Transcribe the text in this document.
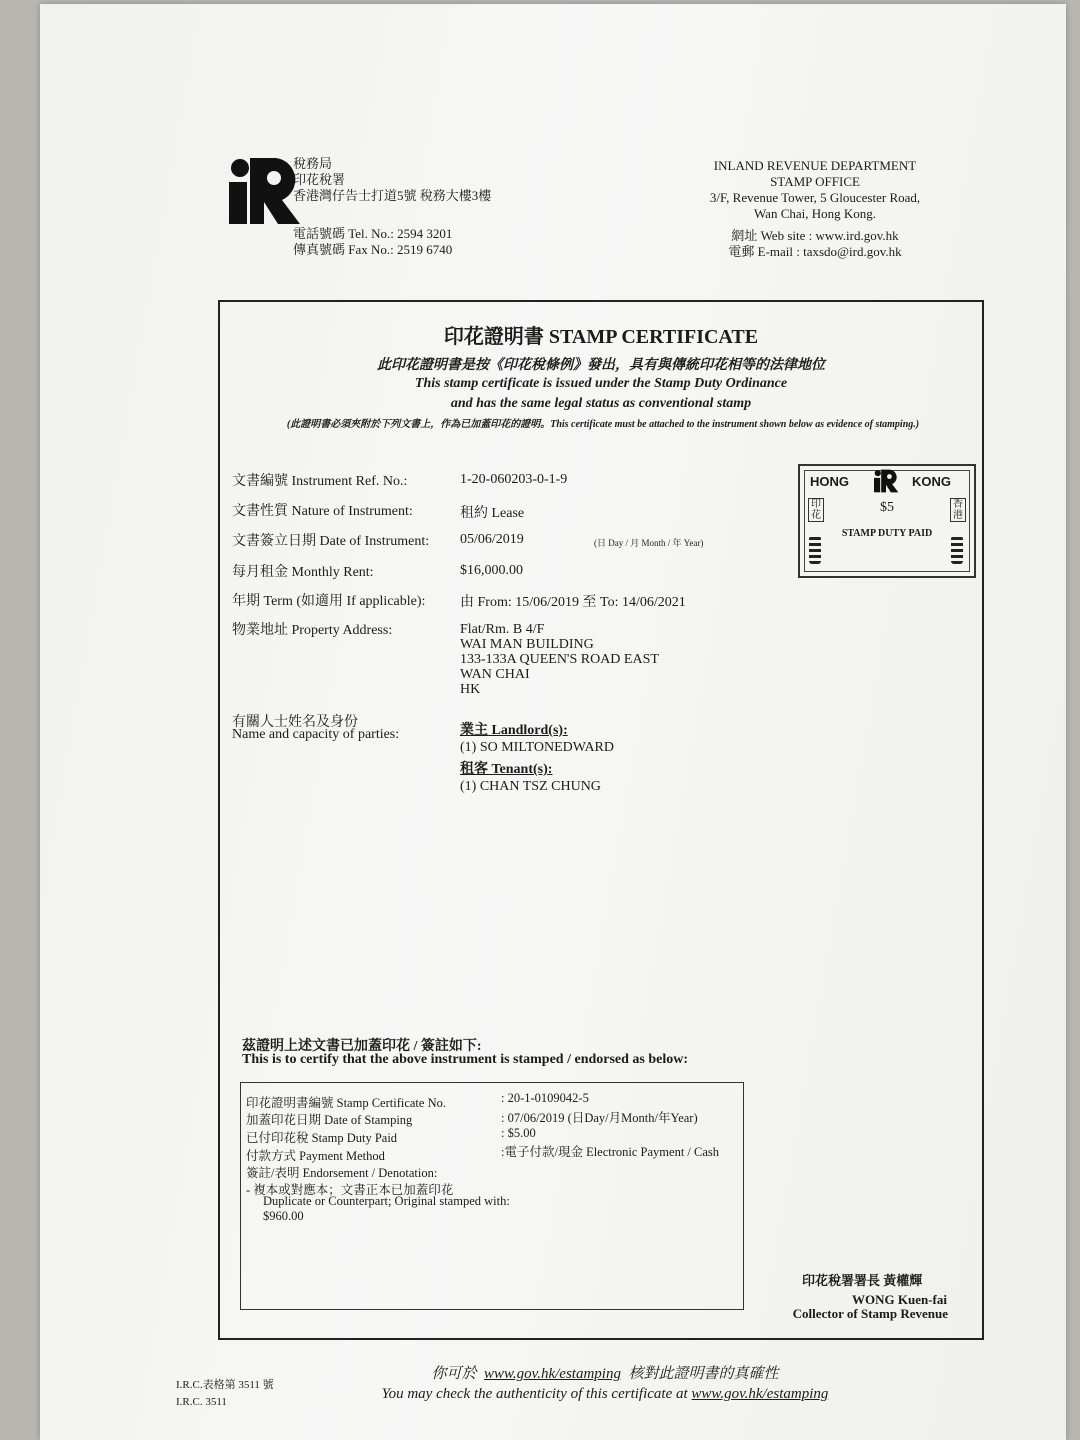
稅務局
印花稅署
香港灣仔告士打道5號 稅務大樓3樓
電話號碼 Tel. No.: 2594 3201
傳真號碼 Fax No.: 2519 6740
INLAND REVENUE DEPARTMENT
STAMP OFFICE
3/F, Revenue Tower, 5 Gloucester Road,
Wan Chai, Hong Kong.
網址 Web site : www.ird.gov.hk
電郵 E-mail : taxsdo@ird.gov.hk
印花證明書 STAMP CERTIFICATE
此印花證明書是按《印花稅條例》發出，具有與傳統印花相等的法律地位
This stamp certificate is issued under the Stamp Duty Ordinance
and has the same legal status as conventional stamp
(此證明書必須夾附於下列文書上，作為已加蓋印花的證明。This certificate must be attached to the instrument shown below as evidence of stamping.)
文書編號 Instrument Ref. No.:	1-20-060203-0-1-9
文書性質 Nature of Instrument:	租約 Lease
文書簽立日期 Date of Instrument: 05/06/2019	(日 Day / 月 Month / 年 Year)
每月租金 Monthly Rent:	$16,000.00
年期 Term (如適用 If applicable): 由 From: 15/06/2019 至 To: 14/06/2021
物業地址 Property Address:	Flat/Rm. B 4/F
WAI MAN BUILDING
133-133A QUEEN'S ROAD EAST
WAN CHAI
HK
有關人士姓名及身份
Name and capacity of parties:	業主 Landlord(s):
(1) SO MILTONEDWARD
租客 Tenant(s):
(1) CHAN TSZ CHUNG
HONG	KONG
$5
STAMP DUTY PAID
印花
香港
茲證明上述文書已加蓋印花 / 簽註如下:
This is to certify that the above instrument is stamped / endorsed as below:
印花證明書編號 Stamp Certificate No.	: 20-1-0109042-5
加蓋印花日期 Date of Stamping	: 07/06/2019 (日Day/月Month/年Year)
已付印花稅 Stamp Duty Paid	: $5.00
付款方式 Payment Method	:電子付款/現金 Electronic Payment / Cash
簽註/表明 Endorsement / Denotation:
- 複本或對應本；文書正本已加蓋印花
Duplicate or Counterpart; Original stamped with:
$960.00
印花稅署署長 黃權輝
WONG Kuen-fai
Collector of Stamp Revenue
I.R.C.表格第 3511 號
I.R.C. 3511
你可於 www.gov.hk/estamping 核對此證明書的真確性
You may check the authenticity of this certificate at www.gov.hk/estamping
